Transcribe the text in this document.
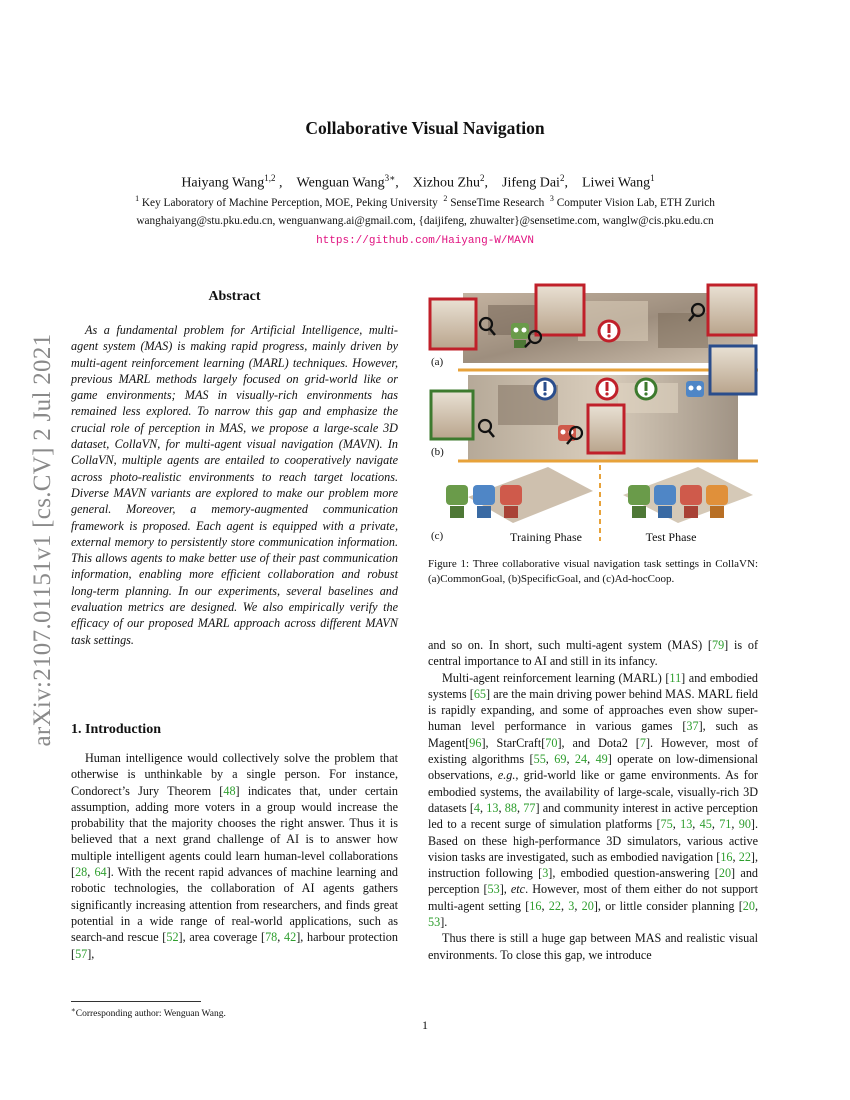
Collaborative Visual Navigation
Haiyang Wang$^{1,2}$ , Wenguan Wang$^{3∗}$, Xizhou Zhu$^2$, Jifeng Dai$^2$, Liwei Wang$^1$ 
$^1$ Key Laboratory of Machine Perception, MOE, Peking University $^2$ SenseTime Research $^3$ Computer Vision Lab, ETH Zurich
wanghaiyang@stu.pku.edu.cn, wenguanwang.ai@gmail.com, {daijifeng, zhuwalter}@sensetime.com, wanglw@cis.pku.edu.cn
https://github.com/Haiyang-W/MAVN
arXiv:2107.01151v1 [cs.CV] 2 Jul 2021
Abstract
As a fundamental problem for Artificial Intelligence, multi-agent system (MAS) is making rapid progress, mainly driven by multi-agent reinforcement learning (MARL) techniques. However, previous MARL methods largely focused on grid-world like or game environments; MAS in visually-rich environments has remained less explored. To narrow this gap and emphasize the crucial role of perception in MAS, we propose a large-scale 3D dataset, CollaVN, for multi-agent visual navigation (MAVN). In CollaVN, multiple agents are entailed to cooperatively navigate across photo-realistic environments to reach target locations. Diverse MAVN variants are explored to make our problem more general. Moreover, a memory-augmented communication framework is proposed. Each agent is equipped with a private, external memory to persistently store communication information. This allows agents to make better use of their past communication information, enabling more efficient collaboration and robust long-term planning. In our experiments, several baselines and evaluation metrics are designed. We also empirically verify the efficacy of our proposed MARL approach across different MAVN task settings.
1. Introduction
Human intelligence would collectively solve the problem that otherwise is unthinkable by a single person. For instance, Condorect’s Jury Theorem [48] indicates that, under certain assumption, adding more voters in a group would increase the probability that the majority chooses the right answer. Thus it is believed that a next grand challenge of AI is to answer how multiple intelligent agents could learn human-level collaborations [28, 64]. With the recent rapid advances of machine learning and robotic technologies, the collaboration of AI agents gathers significantly increasing attention from researchers, and finds great potential in a wide range of real-world applications, such as search-and rescue [52], area coverage [78, 42], harbour protection [57],
∗Corresponding author: Wenguan Wang.
(a)
(b)
(c)	Training Phase	Test Phase
Figure 1: Three collaborative visual navigation task settings in CollaVN: (a)CommonGoal, (b)SpecificGoal, and (c)Ad-hocCoop.

and so on. In short, such multi-agent system (MAS) [79] is of central importance to AI and still in its infancy.

Multi-agent reinforcement learning (MARL) [11] and embodied systems [65] are the main driving power behind MAS. MARL field is rapidly expanding, and some of approaches even show super-human level performance in various games [37], such as Magent[96], StarCraft[70], and Dota2 [7]. However, most of existing algorithms [55, 69, 24, 49] operate on low-dimensional observations, e.g., grid-world like or game environments. As for embodied systems, the availability of large-scale, visually-rich 3D datasets [4, 13, 88, 77] and community interest in active perception led to a recent surge of simulation platforms [75, 13, 45, 71, 90]. Based on these high-performance 3D simulators, various active vision tasks are investigated, such as embodied navigation [16, 22], instruction following [3], embodied question-answering [20] and perception [53], etc. However, most of them either do not support multi-agent setting [16, 22, 3, 20], or little consider planning [20, 53].

Thus there is still a huge gap between MAS and realistic visual environments. To close this gap, we introduce

1
